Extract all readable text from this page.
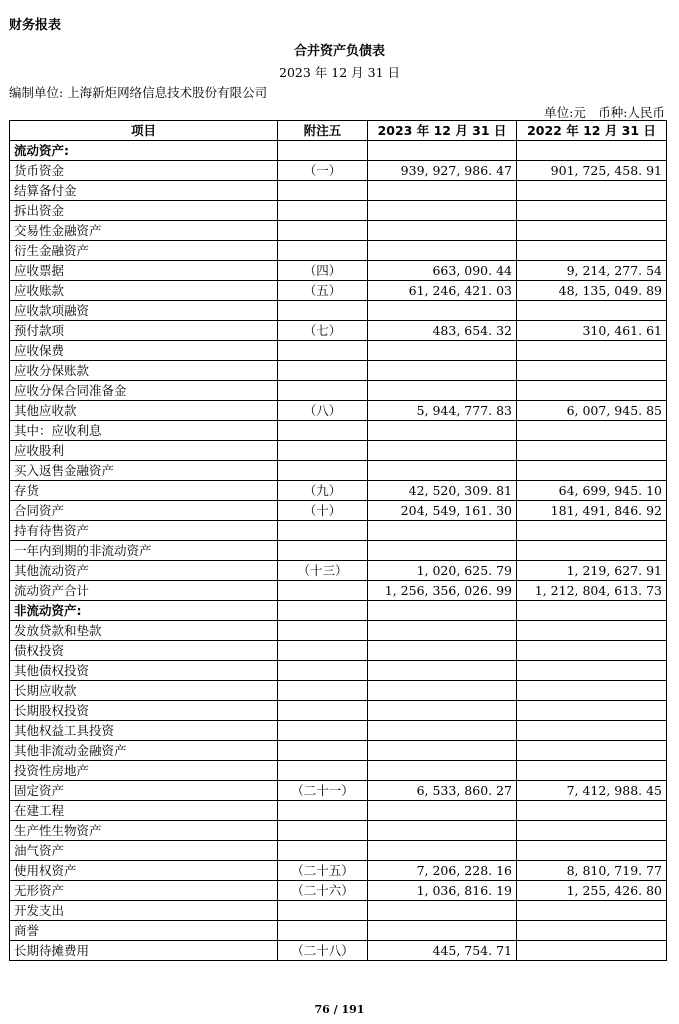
财务报表
合并资产负债表
2023 年 12 月 31 日
编制单位: 上海新炬网络信息技术股份有限公司
单位:元　币种:人民币
项目	附注五	2023 年 12 月 31 日	2022 年 12 月 31 日
流动资产:			
货币资金	（一）	939, 927, 986. 47	901, 725, 458. 91
结算备付金			
拆出资金			
交易性金融资产			
衍生金融资产			
应收票据	（四）	663, 090. 44	9, 214, 277. 54
应收账款	（五）	61, 246, 421. 03	48, 135, 049. 89
应收款项融资			
预付款项	（七）	483, 654. 32	310, 461. 61
应收保费			
应收分保账款			
应收分保合同准备金			
其他应收款	（八）	5, 944, 777. 83	6, 007, 945. 85
其中：应收利息			
应收股利			
买入返售金融资产			
存货	（九）	42, 520, 309. 81	64, 699, 945. 10
合同资产	（十）	204, 549, 161. 30	181, 491, 846. 92
持有待售资产			
一年内到期的非流动资产			
其他流动资产	（十三）	1, 020, 625. 79	1, 219, 627. 91
流动资产合计		1, 256, 356, 026. 99	1, 212, 804, 613. 73
非流动资产:			
发放贷款和垫款			
债权投资			
其他债权投资			
长期应收款			
长期股权投资			
其他权益工具投资			
其他非流动金融资产			
投资性房地产			
固定资产	（二十一）	6, 533, 860. 27	7, 412, 988. 45
在建工程			
生产性生物资产			
油气资产			
使用权资产	（二十五）	7, 206, 228. 16	8, 810, 719. 77
无形资产	（二十六）	1, 036, 816. 19	1, 255, 426. 80
开发支出			
商誉			
长期待摊费用	（二十八）	445, 754. 71	
76 / 191
